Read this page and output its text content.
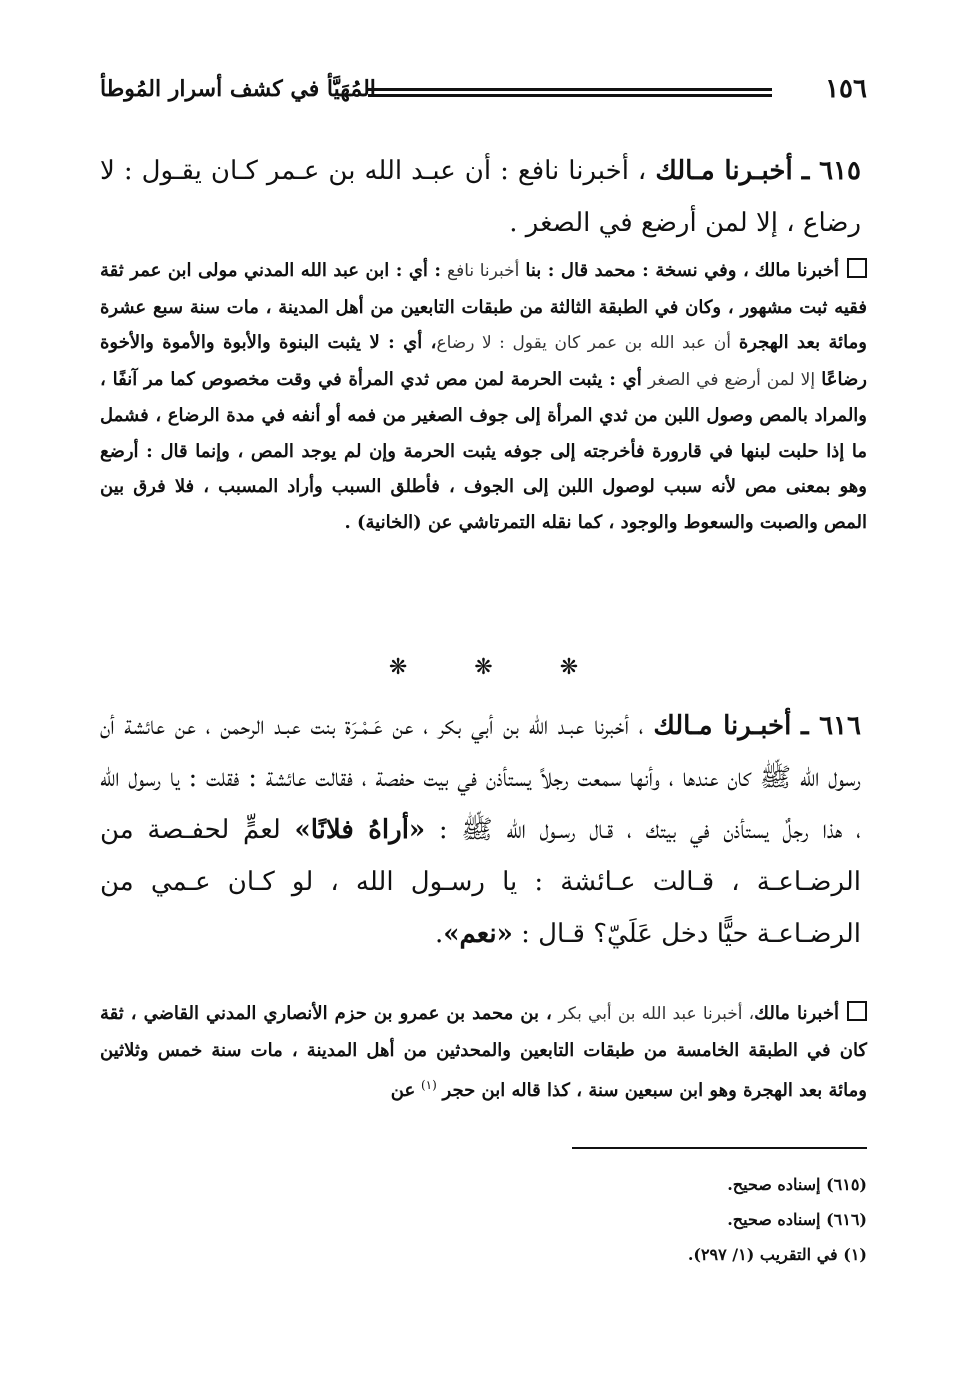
١٥٦
المُهَيَّأ في كشف أسرار المُوطأ
٦١٥ ـ أخبـرنا مـالك ، أخبرنا نافع : أن عبـد الله بن عـمر كـان يقـول : لا رضاع ، إلا لمن أرضع في الصغر .
أخبرنا مالك ، وفي نسخة : محمد قال : بنا أخبرنا نافع : أي : ابن عبد الله المدني مولى ابن عمر ثقة فقيه ثبت مشهور ، وكان في الطبقة الثالثة من طبقات التابعين من أهل المدينة ، مات سنة سبع عشرة ومائة بعد الهجرة أن عبد الله بن عمر كان يقول : لا رضاع، أي : لا يثبت البنوة والأبوة والأموة والأخوة رضاعًا إلا لمن أرضع في الصغر أي : يثبت الحرمة لمن مص ثدي المرأة في وقت مخصوص كما مر آنفًا ، والمراد بالمص وصول اللبن من ثدي المرأة إلى جوف الصغير من فمه أو أنفه في مدة الرضاع ، فشمل ما إذا حلبت لبنها في قارورة فأخرجته إلى جوفه يثبت الحرمة وإن لم يوجد المص ، وإنما قال : أرضع وهو بمعنى مص لأنه سبب لوصول اللبن إلى الجوف ، فأطلق السبب وأراد المسبب ، فلا فرق بين المص والصبت والسعوط والوجود ، كما نقله التمرتاشي عن (الخانية) .
❋	❋	❋
٦١٦ ـ أخبـرنا مـالك ، أخبرنا عبـد الله بن أبي بكر ، عن عَـمْـرَة بنت عبـد الرحمن ، عن عائشة أن رسول الله ﷺ كان عندها ، وأنها سمعت رجلاً يستأذن في بيت حفصة ، فقالت عائشة : فقلت : يا رسول الله ، هذا رجلٌ يستأذن في بيتك ، قـال رسـول الله ﷺ : «أراهُ فلانًا» لعمٍّ لحفـصة من الرضـاعـة ، قـالت عـائشة : يا رسـول الله ، لو كـان عـمي من الرضـاعـة حيًّا دخل عَلَيّ؟ قـال : «نعم».
أخبرنا مالك، أخبرنا عبد الله بن أبي بكر ، بن محمد بن عمرو بن حزم الأنصاري المدني القاضي ، ثقة كان في الطبقة الخامسة من طبقات التابعين والمحدثين من أهل المدينة ، مات سنة خمس وثلاثين ومائة بعد الهجرة وهو ابن سبعين سنة ، كذا قاله ابن حجر $^{(١)}$ عن
(٦١٥) إسناده صحيح.
(٦١٦) إسناده صحيح.
(١) في التقريب (١/ ٢٩٧).
